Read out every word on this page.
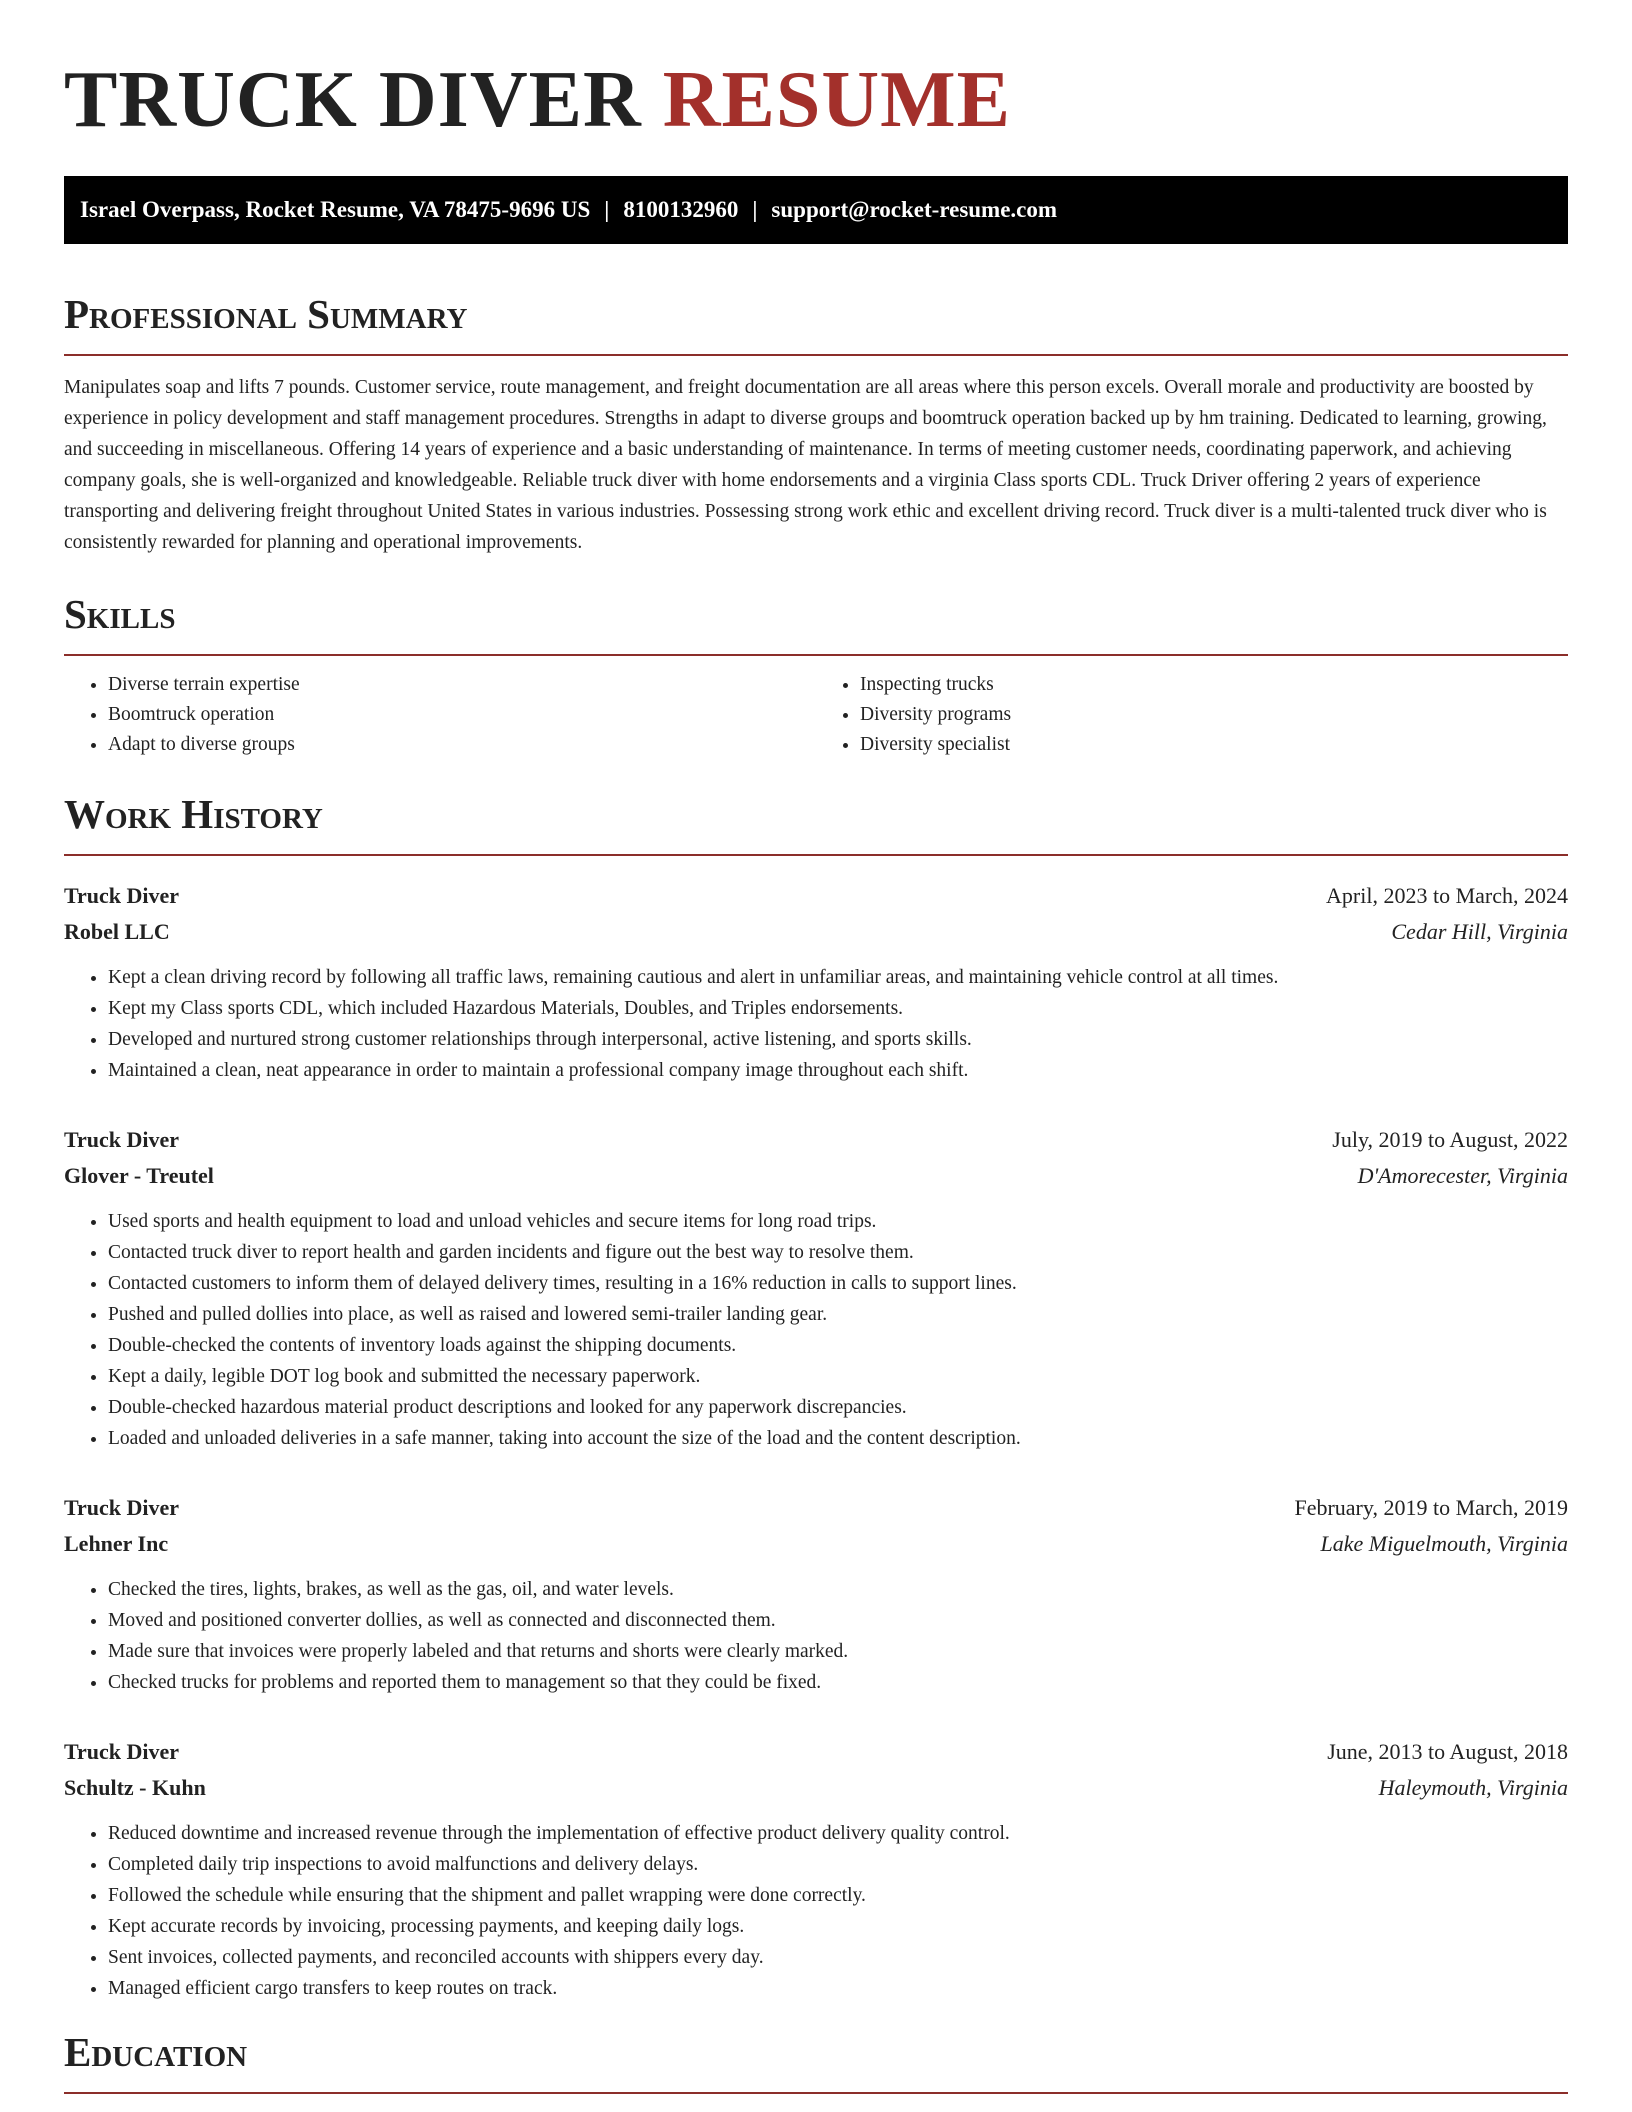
TRUCK DIVER RESUME
Israel Overpass, Rocket Resume, VA 78475-9696 US | 8100132960 | support@rocket-resume.com
Professional Summary

Manipulates soap and lifts 7 pounds. Customer service, route management, and freight documentation are all areas where this person excels. Overall morale and productivity are boosted by experience in policy development and staff management procedures. Strengths in adapt to diverse groups and boomtruck operation backed up by hm training. Dedicated to learning, growing, and succeeding in miscellaneous. Offering 14 years of experience and a basic understanding of maintenance. In terms of meeting customer needs, coordinating paperwork, and achieving company goals, she is well-organized and knowledgeable. Reliable truck diver with home endorsements and a virginia Class sports CDL. Truck Driver offering 2 years of experience transporting and delivering freight throughout United States in various industries. Possessing strong work ethic and excellent driving record. Truck diver is a multi-talented truck diver who is consistently rewarded for planning and operational improvements.

Skills
• Diverse terrain expertise
• Boomtruck operation
• Adapt to diverse groups
• Inspecting trucks
• Diversity programs
• Diversity specialist
Work History
Truck Diver	April, 2023 to March, 2024
Robel LLC	Cedar Hill, Virginia
• Kept a clean driving record by following all traffic laws, remaining cautious and alert in unfamiliar areas, and maintaining vehicle control at all times.
• Kept my Class sports CDL, which included Hazardous Materials, Doubles, and Triples endorsements.
• Developed and nurtured strong customer relationships through interpersonal, active listening, and sports skills.
• Maintained a clean, neat appearance in order to maintain a professional company image throughout each shift.
Truck Diver	July, 2019 to August, 2022
Glover - Treutel	D'Amorecester, Virginia
• Used sports and health equipment to load and unload vehicles and secure items for long road trips.
• Contacted truck diver to report health and garden incidents and figure out the best way to resolve them.
• Contacted customers to inform them of delayed delivery times, resulting in a 16% reduction in calls to support lines.
• Pushed and pulled dollies into place, as well as raised and lowered semi-trailer landing gear.
• Double-checked the contents of inventory loads against the shipping documents.
• Kept a daily, legible DOT log book and submitted the necessary paperwork.
• Double-checked hazardous material product descriptions and looked for any paperwork discrepancies.
• Loaded and unloaded deliveries in a safe manner, taking into account the size of the load and the content description.
Truck Diver	February, 2019 to March, 2019
Lehner Inc	Lake Miguelmouth, Virginia
• Checked the tires, lights, brakes, as well as the gas, oil, and water levels.
• Moved and positioned converter dollies, as well as connected and disconnected them.
• Made sure that invoices were properly labeled and that returns and shorts were clearly marked.
• Checked trucks for problems and reported them to management so that they could be fixed.
Truck Diver	June, 2013 to August, 2018
Schultz - Kuhn	Haleymouth, Virginia
• Reduced downtime and increased revenue through the implementation of effective product delivery quality control.
• Completed daily trip inspections to avoid malfunctions and delivery delays.
• Followed the schedule while ensuring that the shipment and pallet wrapping were done correctly.
• Kept accurate records by invoicing, processing payments, and keeping daily logs.
• Sent invoices, collected payments, and reconciled accounts with shippers every day.
• Managed efficient cargo transfers to keep routes on track.
Education
